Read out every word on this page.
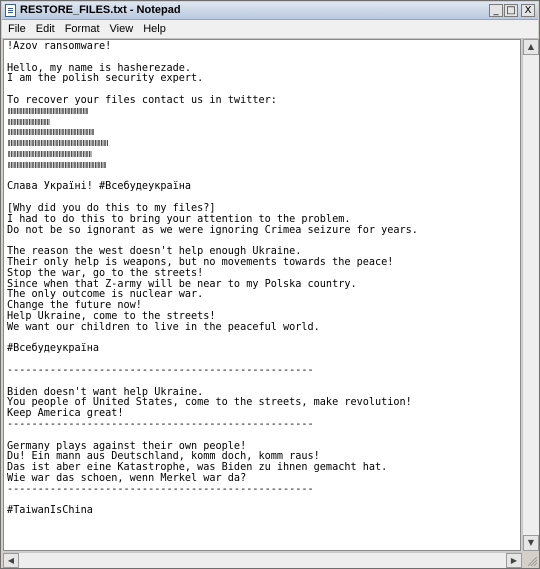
RESTORE_FILES.txt - Notepad	_ □ X
File Edit Format View Help
!Azov ransomware!
Hello, my name is hasherezade.
I am the polish security expert.
To recover your files contact us in twitter:
Слава Україні! #Всебудеукраїна
[Why did you do this to my files?]
I had to do this to bring your attention to the problem.
Do not be so ignorant as we were ignoring Crimea seizure for years.
The reason the west doesn't help enough Ukraine.
Their only help is weapons, but no movements towards the peace!
Stop the war, go to the streets!
Since when that Z-army will be near to my Polska country.
The only outcome is nuclear war.
Change the future now!
Help Ukraine, come to the streets!
We want our children to live in the peaceful world.
#Всебудеукраїна
--------------------------------------------------
Biden doesn't want help Ukraine.
You people of United States, come to the streets, make revolution!
Keep America great!
--------------------------------------------------
Germany plays against their own people!
Du! Ein mann aus Deutschland, komm doch, komm raus!
Das ist aber eine Katastrophe, was Biden zu ihnen gemacht hat.
Wie war das schoen, wenn Merkel war da?
--------------------------------------------------
#TaiwanIsChina
▲
▼
◀	▶
